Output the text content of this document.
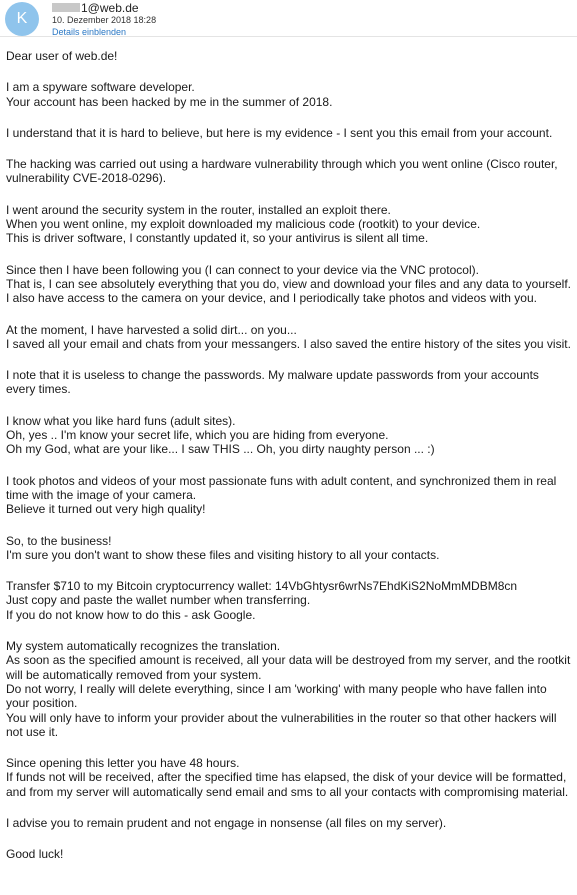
K
1@web.de
10. Dezember 2018 18:28
Details einblenden
Dear user of web.de!
I am a spyware software developer.
Your account has been hacked by me in the summer of 2018.
I understand that it is hard to believe, but here is my evidence - I sent you this email from your account.
The hacking was carried out using a hardware vulnerability through which you went online (Cisco router, vulnerability CVE-2018-0296).
I went around the security system in the router, installed an exploit there.
When you went online, my exploit downloaded my malicious code (rootkit) to your device.
This is driver software, I constantly updated it, so your antivirus is silent all time.
Since then I have been following you (I can connect to your device via the VNC protocol).
That is, I can see absolutely everything that you do, view and download your files and any data to yourself.
I also have access to the camera on your device, and I periodically take photos and videos with you.
At the moment, I have harvested a solid dirt... on you...
I saved all your email and chats from your messangers. I also saved the entire history of the sites you visit.
I note that it is useless to change the passwords. My malware update passwords from your accounts every times.
I know what you like hard funs (adult sites).
Oh, yes .. I'm know your secret life, which you are hiding from everyone.
Oh my God, what are your like... I saw THIS ... Oh, you dirty naughty person ... :)
I took photos and videos of your most passionate funs with adult content, and synchronized them in real time with the image of your camera.
Believe it turned out very high quality!
So, to the business!
I'm sure you don't want to show these files and visiting history to all your contacts.
Transfer $710 to my Bitcoin cryptocurrency wallet: 14VbGhtysr6wrNs7EhdKiS2NoMmMDBM8cn
Just copy and paste the wallet number when transferring.
If you do not know how to do this - ask Google.
My system automatically recognizes the translation.
As soon as the specified amount is received, all your data will be destroyed from my server, and the rootkit will be automatically removed from your system.
Do not worry, I really will delete everything, since I am 'working' with many people who have fallen into your position.
You will only have to inform your provider about the vulnerabilities in the router so that other hackers will not use it.
Since opening this letter you have 48 hours.
If funds not will be received, after the specified time has elapsed, the disk of your device will be formatted,
and from my server will automatically send email and sms to all your contacts with compromising material.
I advise you to remain prudent and not engage in nonsense (all files on my server).
Good luck!
